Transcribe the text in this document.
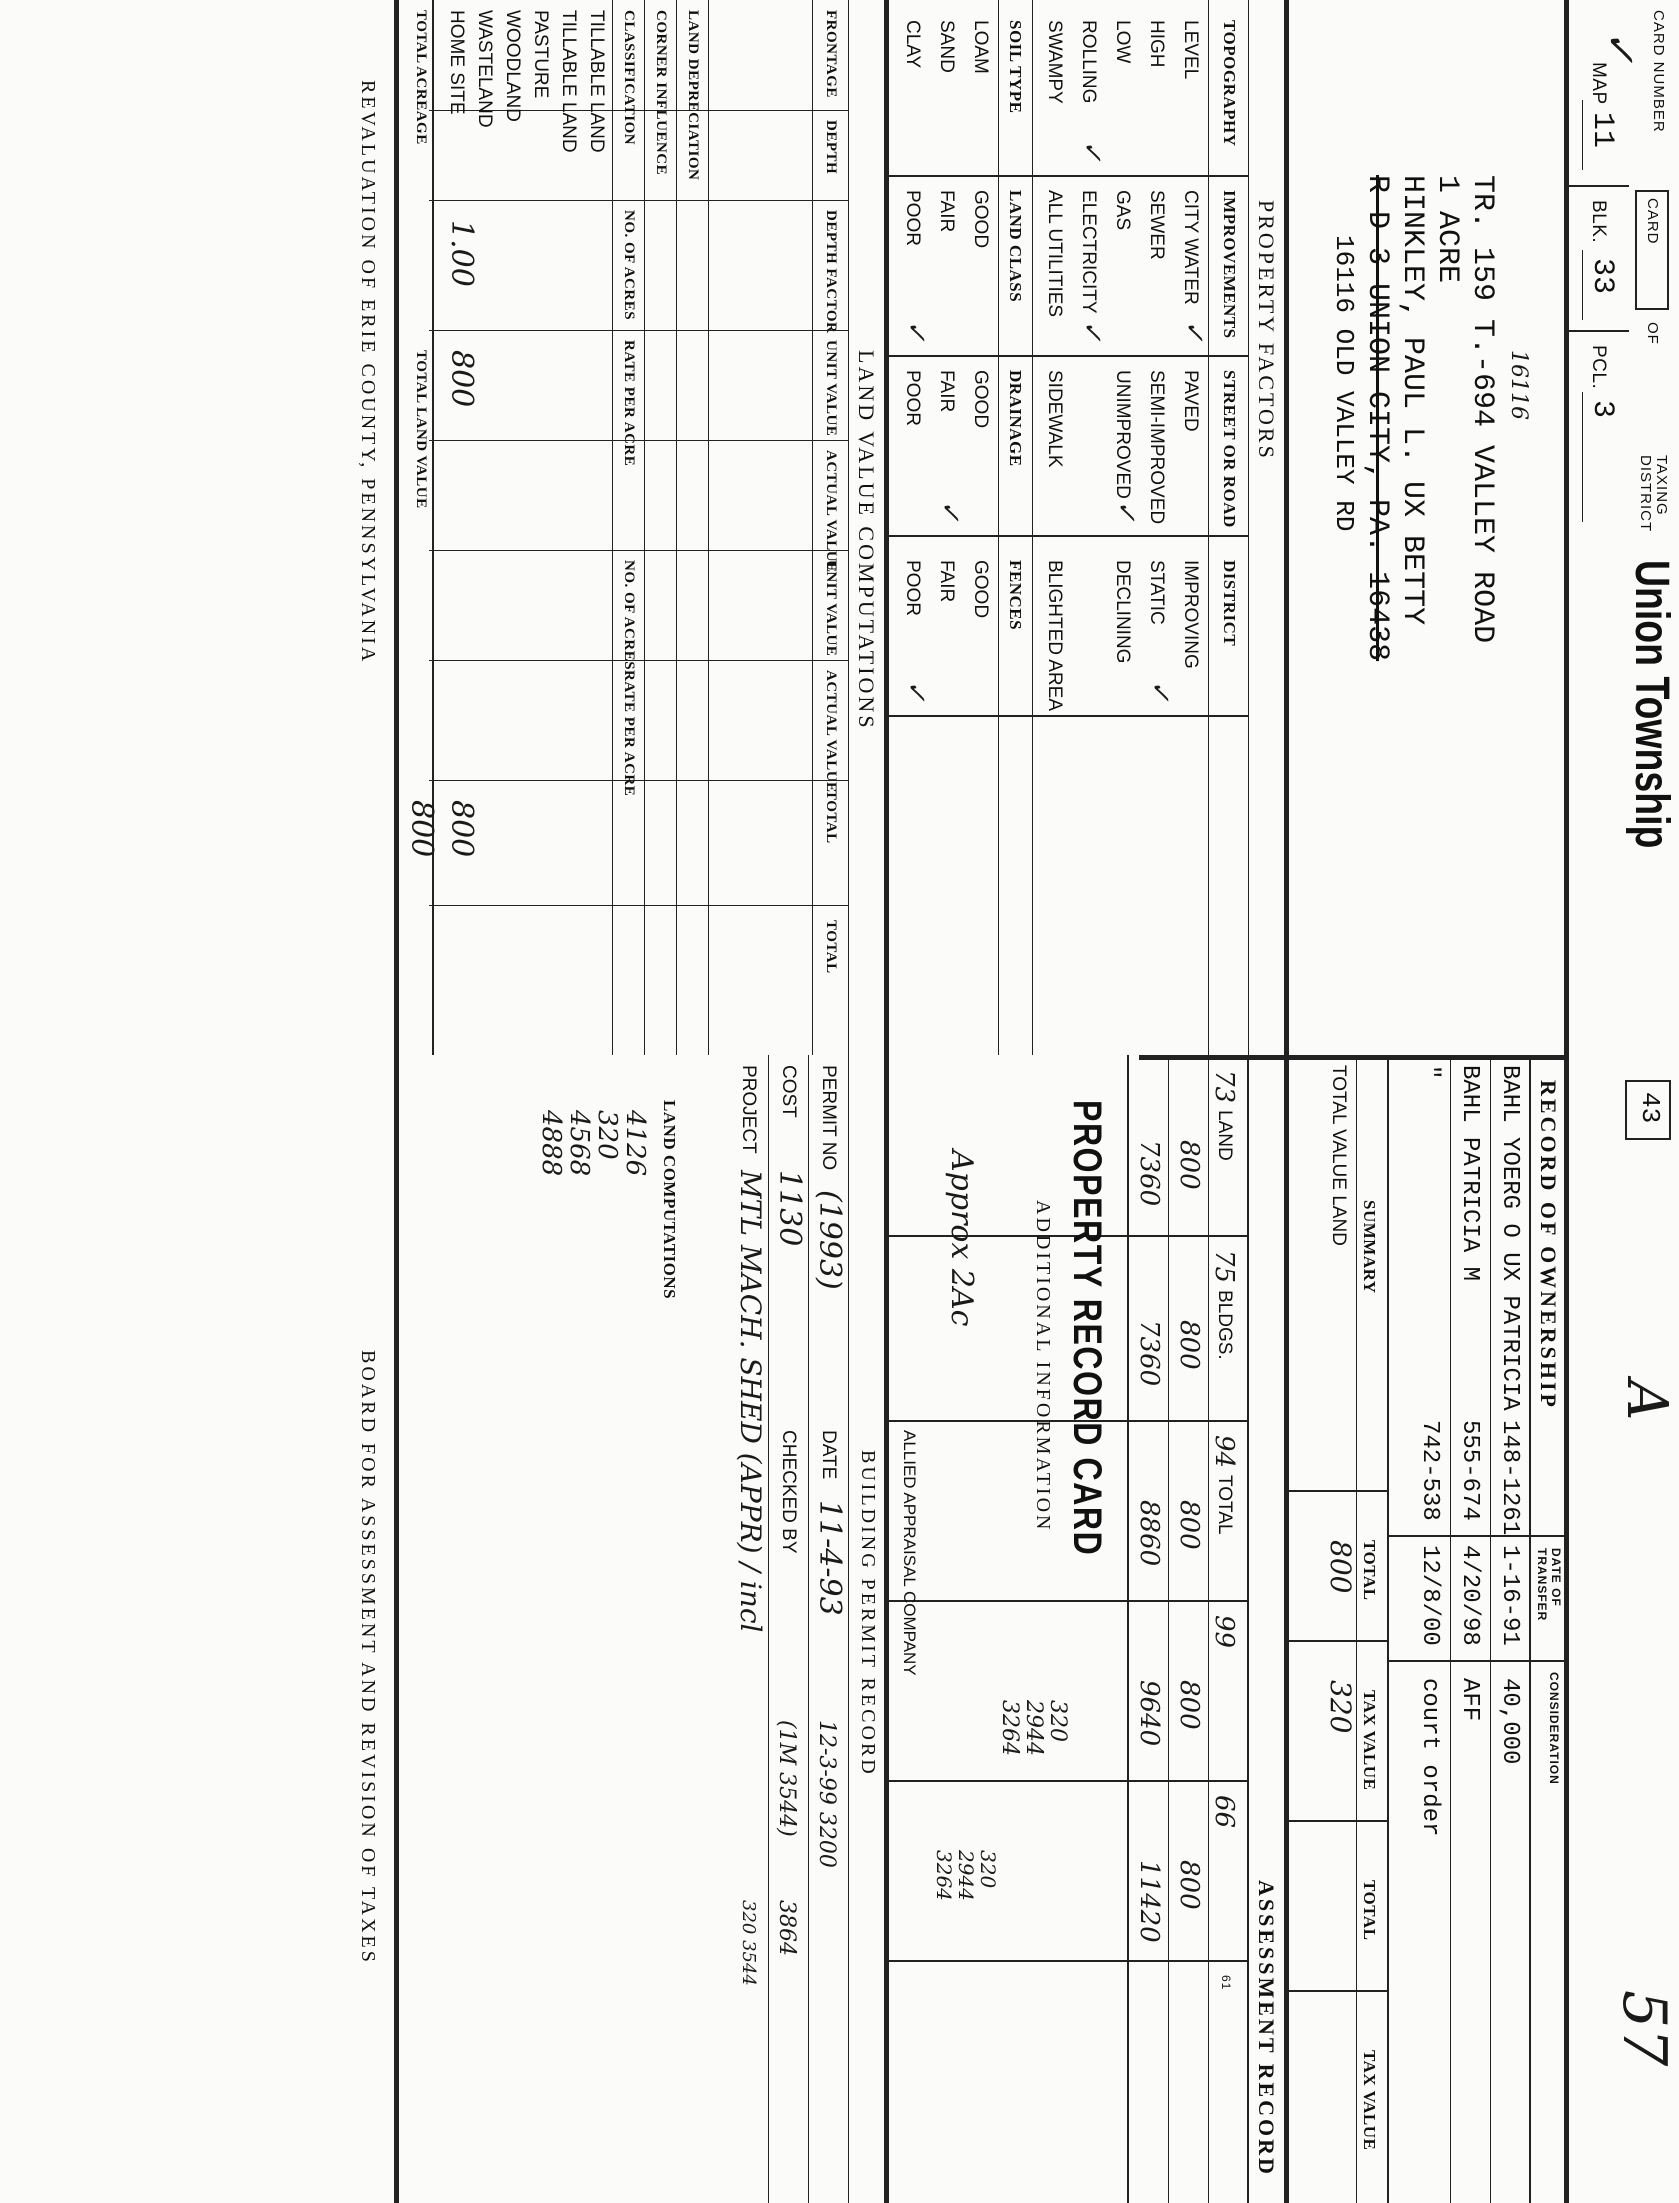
CARD NUMBER
✓
CARD
OF
TAXING DISTRICT
Union Township
43
A
57
MAP
11
BLK.
33
PCL.
3
TR. 159 T.-694 VALLEY ROAD 16116
1 ACRE
HINKLEY, PAUL L. UX BETTY
R-D-3 UNION CITY, PA. 16438
16116 OLD VALLEY RD
RECORD OF OWNERSHIP
DATE OF TRANSFER
CONSIDERATION
BAHL YOERG O UX PATRICIA
148-1261
1-16-91
40,000
BAHL PATRICIA M
555-674
4/20/98
AFF
"
742-538
12/8/00
court order
SUMMARY
TOTAL
TAX VALUE
TOTAL
TAX VALUE
TOTAL VALUE LAND
800
320
ASSESSMENT RECORD
73
LAND
800
7360
75
BLDGS.
800
7360
94
TOTAL
800
8860
99
800
9640
66
800
11420
61
PROPERTY RECORD CARD
ADDITIONAL INFORMATION
Approx 2Ac
ALLIED APPRAISAL COMPANY
320
2944
3264
320
2944
3264
BUILDING PERMIT RECORD
PERMIT NO
(1993)
DATE
11-4-93
COST
1130
CHECKED BY
PROJECT
MTL MACH. SHED (APPR) / incl
12-3-99 3200
(1M 3544)
3864
320 3544
PROPERTY FACTORS
TOPOGRAPHY
IMPROVEMENTS
STREET OR ROAD
DISTRICT
LEVEL
HIGH
LOW
ROLLING
✓
SWAMPY
CITY WATER
✓
SEWER
GAS
ELECTRICITY
✓
ALL UTILITIES
PAVED
SEMI-IMPROVED
UNIMPROVED
✓
SIDEWALK
IMPROVING
STATIC
✓
DECLINING
BLIGHTED AREA
SOIL TYPE
LAND CLASS
DRAINAGE
FENCES
LOAM
SAND
CLAY
GOOD
FAIR
POOR
✓
GOOD
FAIR
✓
POOR
GOOD
FAIR
POOR
✓
LAND VALUE COMPUTATIONS
FRONTAGE
DEPTH
DEPTH FACTOR
UNIT VALUE
ACTUAL VALUE
UNIT VALUE
ACTUAL VALUE
TOTAL
TOTAL
LAND DEPRECIATION
CORNER INFLUENCE
CLASSIFICATION
NO. OF ACRES
RATE PER ACRE
NO. OF ACRES
RATE PER ACRE
TILLABLE LAND
TILLABLE LAND
PASTURE
WOODLAND
WASTELAND
HOME SITE
1.00
800
800
TOTAL ACREAGE
TOTAL LAND VALUE
800
LAND COMPUTATIONS
4126
320
4568
4888
REVALUATION OF ERIE COUNTY, PENNSYLVANIA
BOARD FOR ASSESSMENT AND REVISION OF TAXES
